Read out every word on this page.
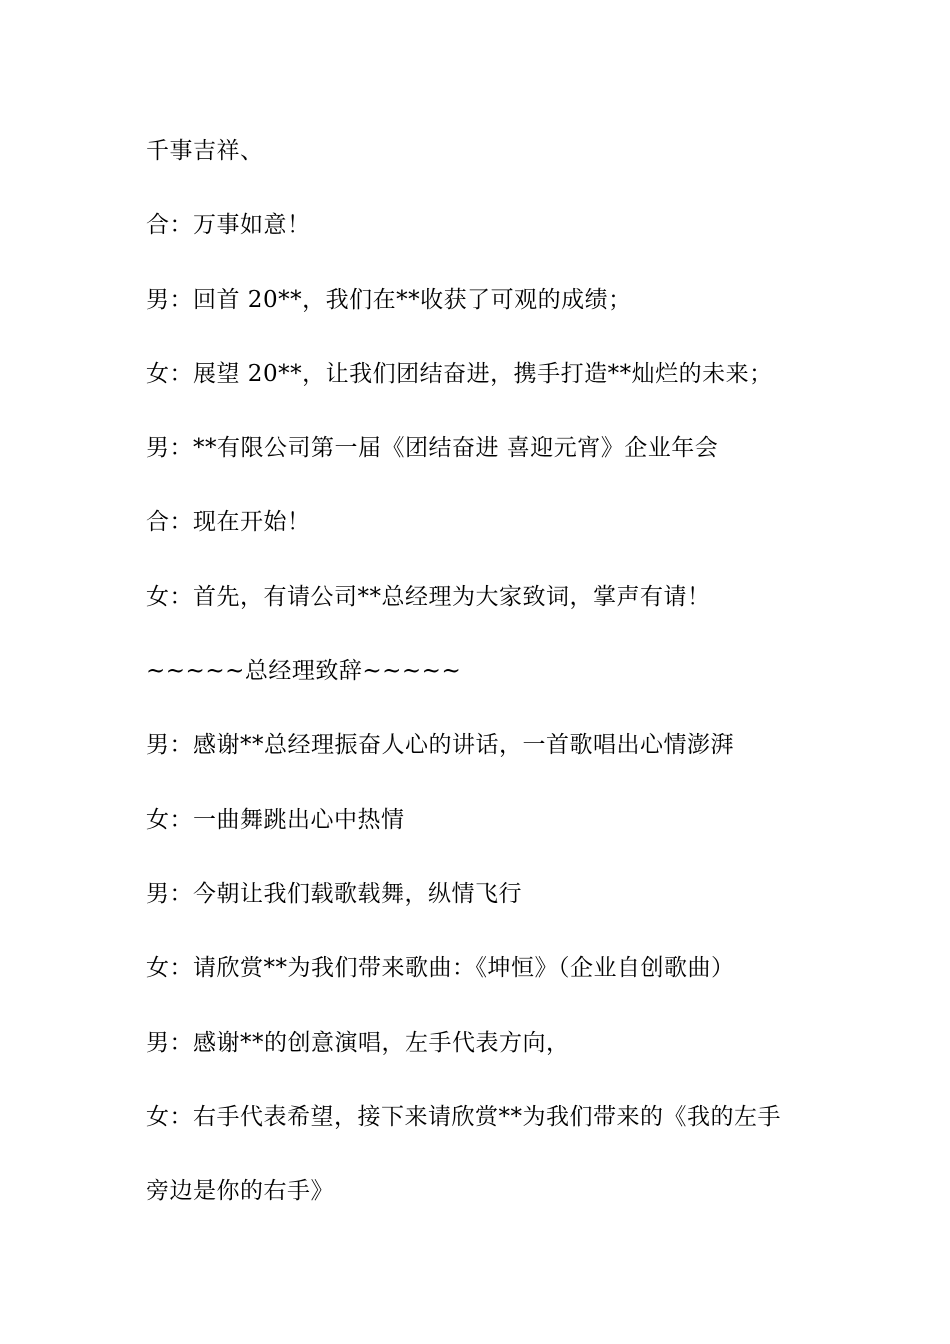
千事吉祥、
合：万事如意！
男：回首 20**，我们在**收获了可观的成绩；
女：展望 20**，让我们团结奋进，携手打造**灿烂的未来；
男：**有限公司第一届《团结奋进 喜迎元宵》企业年会
合：现在开始！
女：首先，有请公司**总经理为大家致词，掌声有请！
~~~~~总经理致辞~~~~~
男：感谢**总经理振奋人心的讲话，一首歌唱出心情澎湃
女：一曲舞跳出心中热情
男：今朝让我们载歌载舞，纵情飞行
女：请欣赏**为我们带来歌曲：《坤恒》（企业自创歌曲）
男：感谢**的创意演唱，左手代表方向，
女：右手代表希望，接下来请欣赏**为我们带来的《我的左手
旁边是你的右手》
